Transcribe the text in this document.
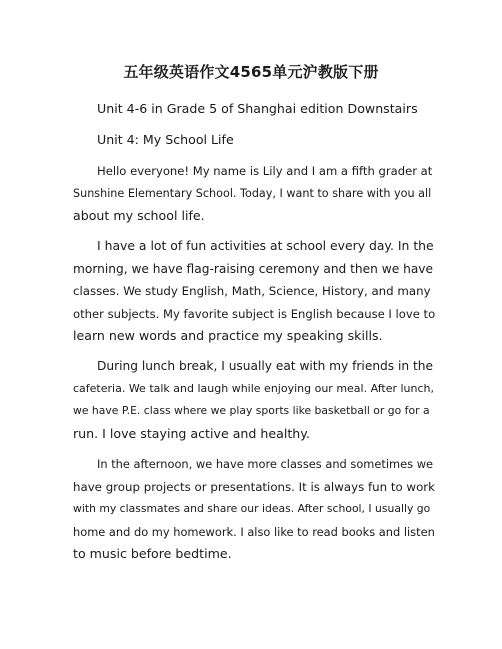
五年级英语作文4565单元沪教版下册
Unit 4-6 in Grade 5 of Shanghai edition Downstairs
Unit 4: My School Life
Hello everyone! My name is Lily and I am a fifth grader at
Sunshine Elementary School. Today, I want to share with you all
about my school life.
I have a lot of fun activities at school every day. In the
morning, we have flag-raising ceremony and then we have
classes. We study English, Math, Science, History, and many
other subjects. My favorite subject is English because I love to
learn new words and practice my speaking skills.
During lunch break, I usually eat with my friends in the
cafeteria. We talk and laugh while enjoying our meal. After lunch,
we have P.E. class where we play sports like basketball or go for a
run. I love staying active and healthy.
In the afternoon, we have more classes and sometimes we
have group projects or presentations. It is always fun to work
with my classmates and share our ideas. After school, I usually go
home and do my homework. I also like to read books and listen
to music before bedtime.
